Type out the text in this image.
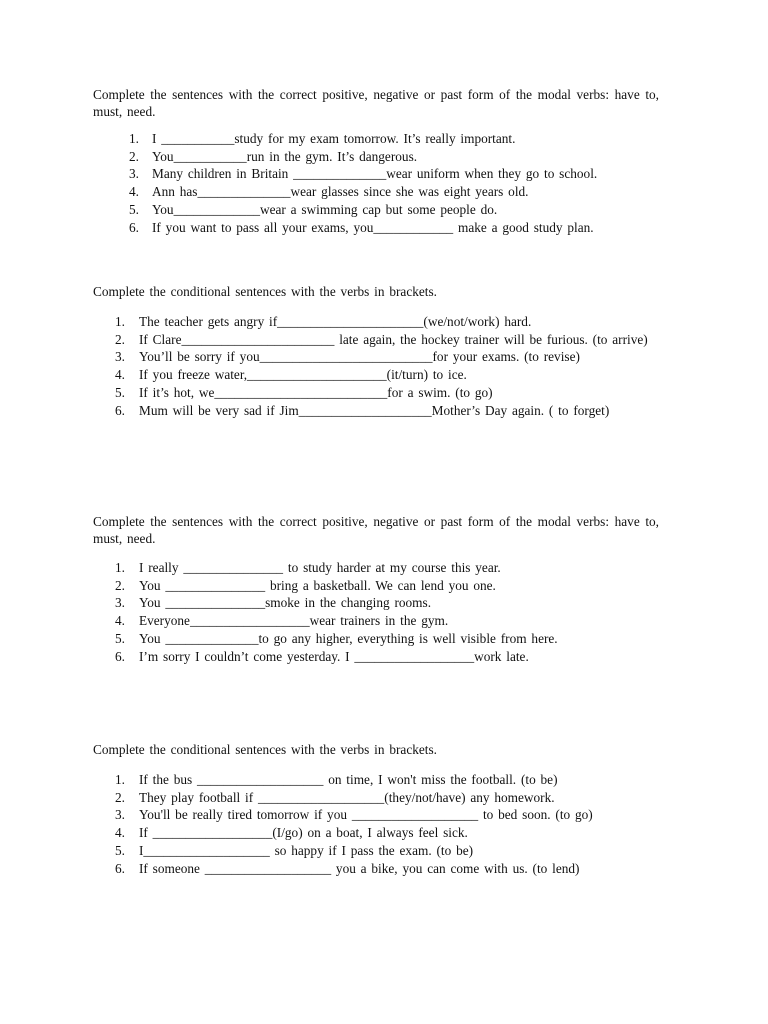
Complete the sentences with the correct positive, negative or past form of the modal verbs: have to, must, need.

1. I ___________study for my exam tomorrow. It’s really important.
2. You___________run in the gym. It’s dangerous.
3. Many children in Britain ______________wear uniform when they go to school.
4. Ann has______________wear glasses since she was eight years old.
5. You_____________wear a swimming cap but some people do.
6. If you want to pass all your exams, you____________ make a good study plan.

Complete the conditional sentences with the verbs in brackets.

1. The teacher gets angry if______________________(we/not/work) hard.
2. If Clare_______________________ late again, the hockey trainer will be furious. (to arrive)
3. You’ll be sorry if you__________________________for your exams. (to revise)
4. If you freeze water,_____________________(it/turn) to ice.
5. If it’s hot, we__________________________for a swim. (to go)
6. Mum will be very sad if Jim____________________Mother’s Day again. ( to forget)

Complete the sentences with the correct positive, negative or past form of the modal verbs: have to, must, need.

1. I really _______________ to study harder at my course this year.
2. You _______________ bring a basketball. We can lend you one.
3. You _______________smoke in the changing rooms.
4. Everyone__________________wear trainers in the gym.
5. You ______________to go any higher, everything is well visible from here.
6. I’m sorry I couldn’t come yesterday. I __________________work late.

Complete the conditional sentences with the verbs in brackets.

1. If the bus ___________________ on time, I won't miss the football. (to be)
2. They play football if ___________________(they/not/have) any homework.
3. You'll be really tired tomorrow if you ___________________ to bed soon. (to go)
4. If __________________(I/go) on a boat, I always feel sick.
5. I___________________ so happy if I pass the exam. (to be)
6. If someone ___________________ you a bike, you can come with us. (to lend)
